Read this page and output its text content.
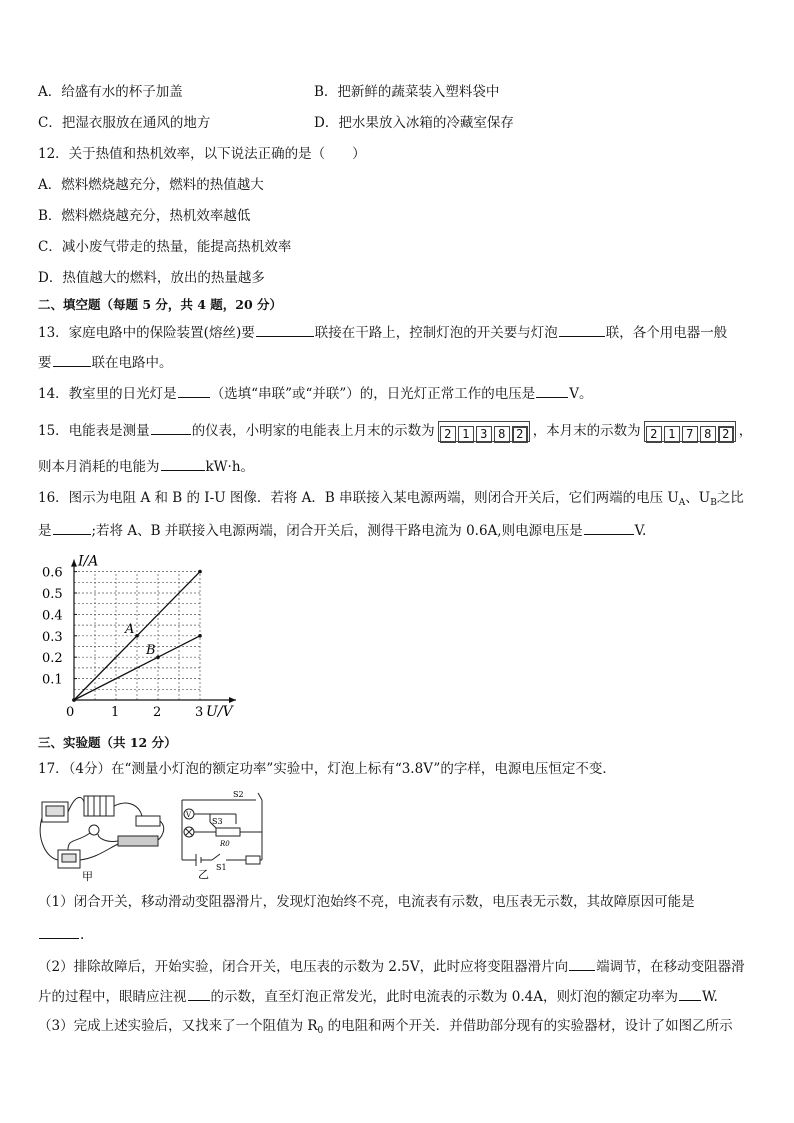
A．给盛有水的杯子加盖	B．把新鲜的蔬菜装入塑料袋中
C．把湿衣服放在通风的地方	D．把水果放入冰箱的冷藏室保存
12．关于热值和热机效率，以下说法正确的是（　　）
A．燃料燃烧越充分，燃料的热值越大
B．燃料燃烧越充分，热机效率越低
C．减小废气带走的热量，能提高热机效率
D．热值越大的燃料，放出的热量越多
二、填空题（每题 5 分，共 4 题，20 分）
13．家庭电路中的保险装置(熔丝)要	联接在干路上，控制灯泡的开关要与灯泡	联，各个用电器一般
要	联在电路中。
14．教室里的日光灯是	（选填“串联”或“并联”）的，日光灯正常工作的电压是	V。
15．电能表是测量	的仪表，小明家的电能表上月末的示数为 2 1 3 8 2 ，本月末的示数为 2 1 7 8 2 ，
则本月消耗的电能为	kW·h。
16．图示为电阻 A 和 B 的 I-U 图像．若将 A．B 串联接入某电源两端，则闭合开关后，它们两端的电压 $U_A$、$U_B$之比
是	;若将 A、B 并联接入电源两端，闭合开关后，测得干路电流为 0.6A,则电源电压是	V.
U/V
I/A
0	1	2	3
0.1
0.2
0.3
0.4
0.5
0.6
A
B
三、实验题（共 12 分）
17．（4分）在“测量小灯泡的额定功率”实验中，灯泡上标有“3.8V”的字样，电源电压恒定不变．
甲
S2
S3
R0
V
S1
乙
（1）闭合开关，移动滑动变阻器滑片，发现灯泡始终不亮，电流表有示数，电压表无示数，其故障原因可能是
.
（2）排除故障后，开始实验，闭合开关，电压表的示数为 2.5V，此时应将变阻器滑片向 端调节，在移动变阻器滑
片的过程中，眼睛应注视 的示数，直至灯泡正常发光，此时电流表的示数为 0.4A，则灯泡的额定功率为 W.
（3）完成上述实验后，又找来了一个阻值为 $R_0$ 的电阻和两个开关．并借助部分现有的实验器材，设计了如图乙所示
